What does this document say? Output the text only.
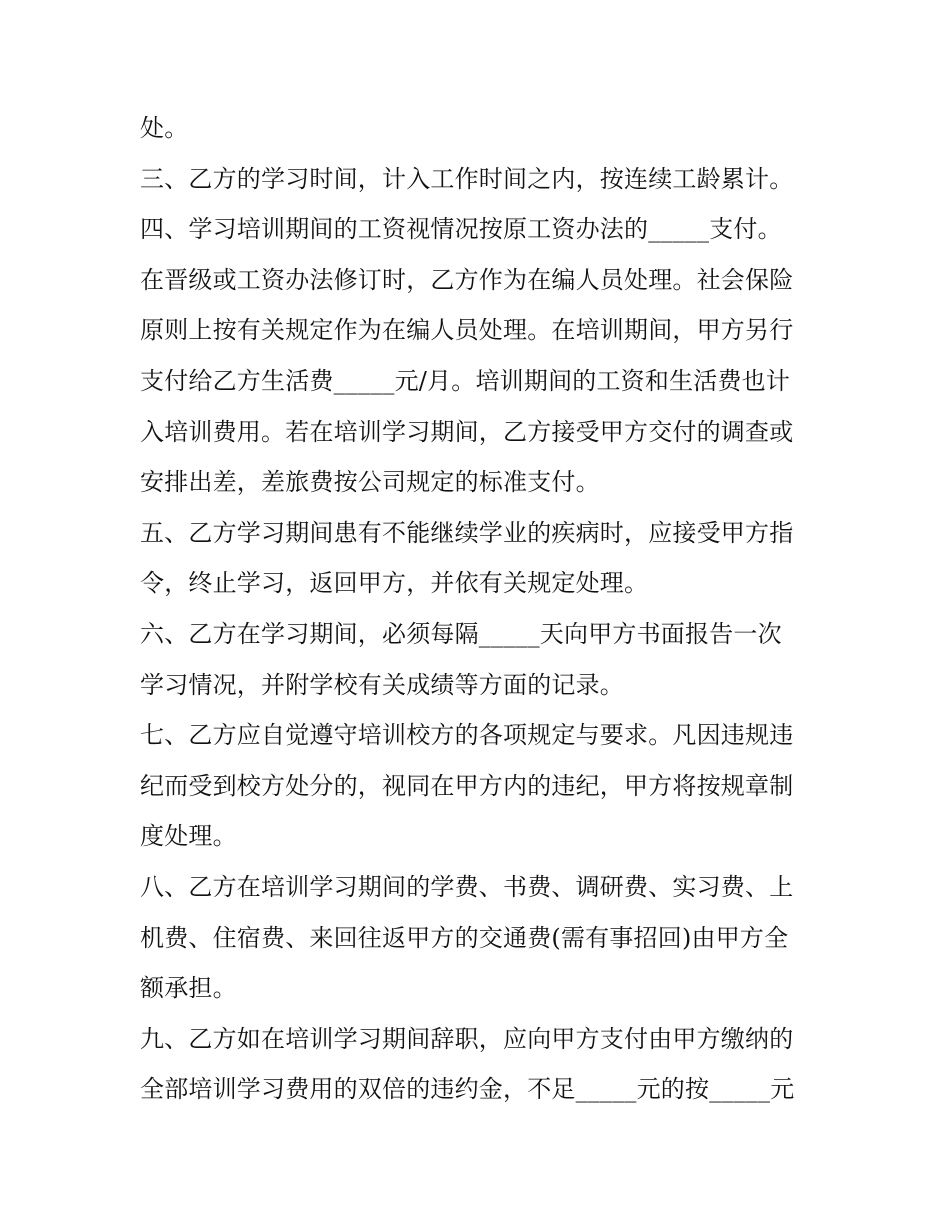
处。
三、乙方的学习时间，计入工作时间之内，按连续工龄累计。
四、学习培训期间的工资视情况按原工资办法的_____支付。
在晋级或工资办法修订时，乙方作为在编人员处理。社会保险
原则上按有关规定作为在编人员处理。在培训期间，甲方另行
支付给乙方生活费_____元/月。培训期间的工资和生活费也计
入培训费用。若在培训学习期间，乙方接受甲方交付的调查或
安排出差，差旅费按公司规定的标准支付。
五、乙方学习期间患有不能继续学业的疾病时，应接受甲方指
令，终止学习，返回甲方，并依有关规定处理。
六、乙方在学习期间，必须每隔_____天向甲方书面报告一次
学习情况，并附学校有关成绩等方面的记录。
七、乙方应自觉遵守培训校方的各项规定与要求。凡因违规违
纪而受到校方处分的，视同在甲方内的违纪，甲方将按规章制
度处理。
八、乙方在培训学习期间的学费、书费、调研费、实习费、上
机费、住宿费、来回往返甲方的交通费(需有事招回)由甲方全
额承担。
九、乙方如在培训学习期间辞职，应向甲方支付由甲方缴纳的
全部培训学习费用的双倍的违约金，不足_____元的按_____元
